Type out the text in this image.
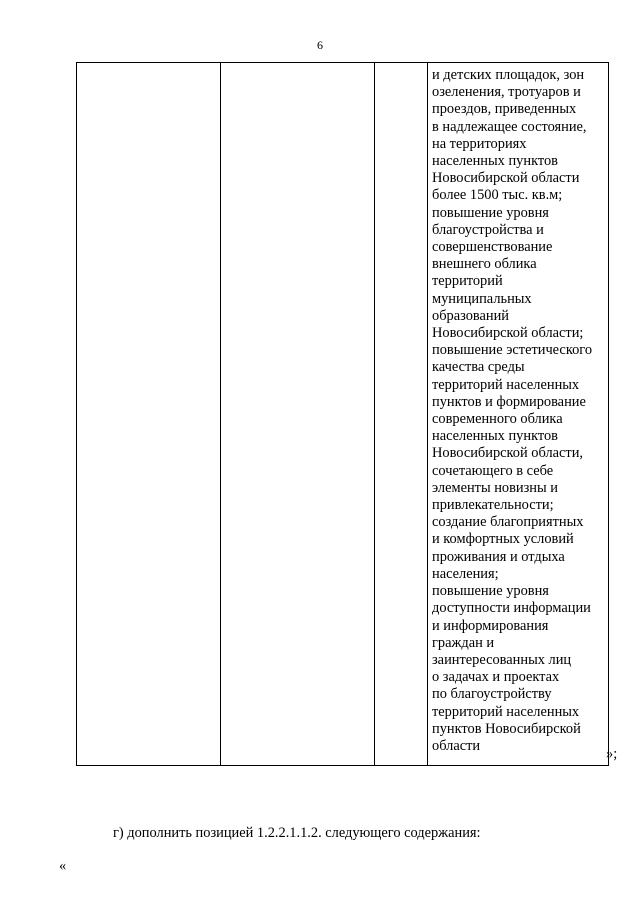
6

и детских площадок, зон
озеленения, тротуаров и
проездов, приведенных
в надлежащее состояние,
на территориях
населенных пунктов
Новосибирской области
более 1500 тыс. кв.м;
повышение уровня
благоустройства и
совершенствование
внешнего облика
территорий
муниципальных
образований
Новосибирской области;
повышение эстетического
качества среды
территорий населенных
пунктов и формирование
современного облика
населенных пунктов
Новосибирской области,
сочетающего в себе
элементы новизны и
привлекательности;
создание благоприятных
и комфортных условий
проживания и отдыха
населения;
повышение уровня
доступности информации
и информирования
граждан и
заинтересованных лиц
о задачах и проектах
по благоустройству
территорий населенных
пунктов Новосибирской
области
»;
г) дополнить позицией 1.2.2.1.1.2. следующего содержания:
«
